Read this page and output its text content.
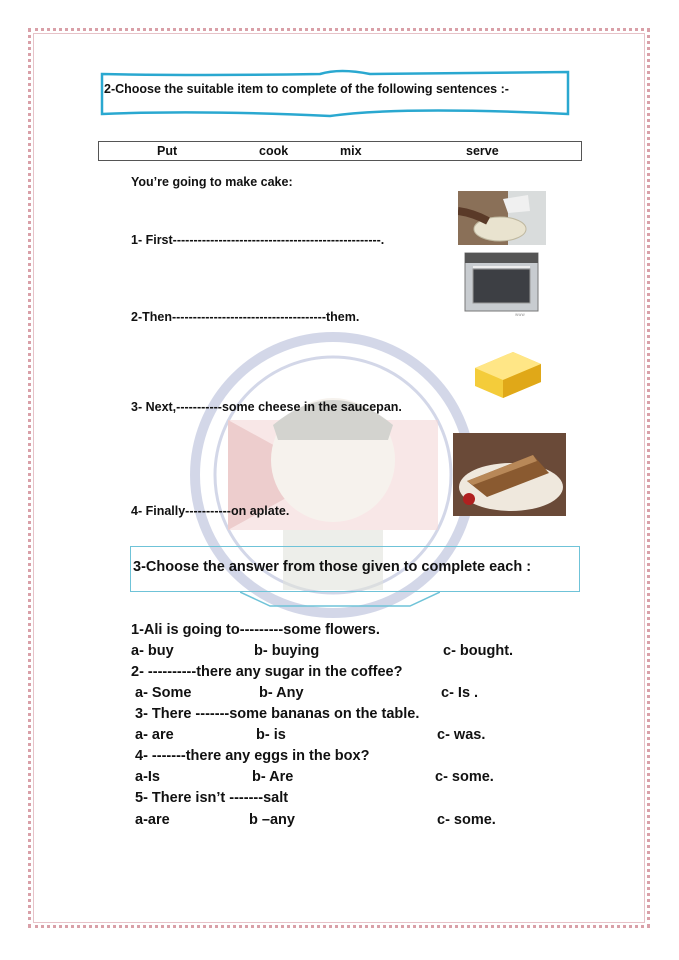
2-Choose the suitable item to complete of the following sentences :-
Put	cook	mix	serve
You’re going to make cake:
1- First--------------------------------------------------.
2-Then-------------------------------------them.
3- Next,-----------some cheese in the saucepan.
4- Finally-----------on aplate.
www
3-Choose the answer from those given to complete each :
1-Ali is going to---------some flowers.
a- buy	b- buying	c- bought.
2- ----------there any sugar in the coffee?
a- Some	b- Any	c- Is .
3- There -------some bananas on the table.
a- are	b- is	c- was.
4- -------there any eggs in the box?
a-Is	b- Are	c- some.
5- There isn’t -------salt
a-are	b –any	c- some.
